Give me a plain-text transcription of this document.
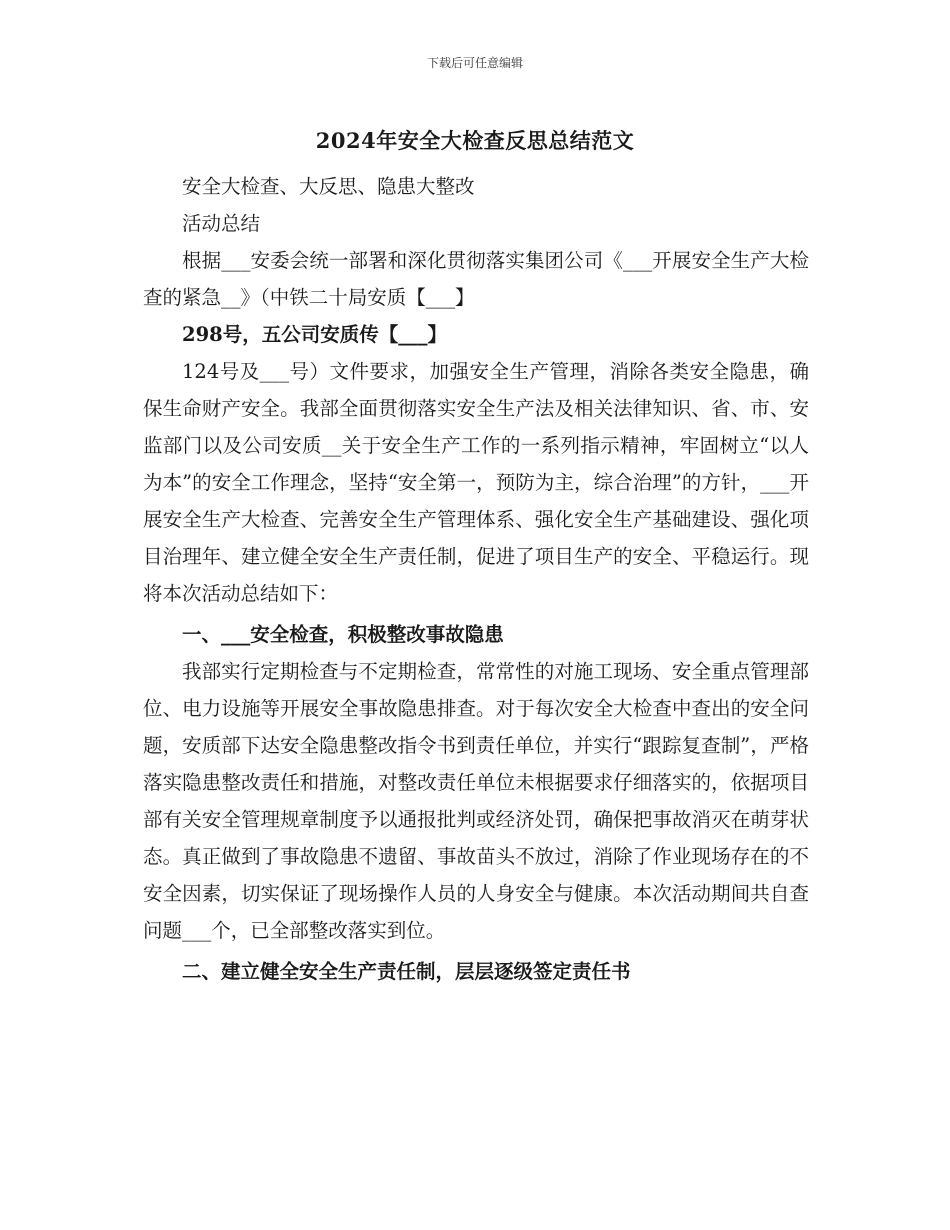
下载后可任意编辑
2024年安全大检查反思总结范文

安全大检查、大反思、隐患大整改

活动总结

根据___安委会统一部署和深化贯彻落实集团公司《___开展安全生产大检查的紧急__》（中铁二十局安质【___】

298号，五公司安质传【___】

124号及___号）文件要求，加强安全生产管理，消除各类安全隐患，确保生命财产安全。我部全面贯彻落实安全生产法及相关法律知识、省、市、安监部门以及公司安质__关于安全生产工作的一系列指示精神，牢固树立“以人为本”的安全工作理念，坚持“安全第一，预防为主，综合治理”的方针，___开展安全生产大检查、完善安全生产管理体系、强化安全生产基础建设、强化项目治理年、建立健全安全生产责任制，促进了项目生产的安全、平稳运行。现将本次活动总结如下：

一、___安全检查，积极整改事故隐患

我部实行定期检查与不定期检查，常常性的对施工现场、安全重点管理部位、电力设施等开展安全事故隐患排查。对于每次安全大检查中查出的安全问题，安质部下达安全隐患整改指令书到责任单位，并实行“跟踪复查制”，严格落实隐患整改责任和措施，对整改责任单位未根据要求仔细落实的，依据项目部有关安全管理规章制度予以通报批判或经济处罚，确保把事故消灭在萌芽状态。真正做到了事故隐患不遗留、事故苗头不放过，消除了作业现场存在的不安全因素，切实保证了现场操作人员的人身安全与健康。本次活动期间共自查问题___个，已全部整改落实到位。

二、建立健全安全生产责任制，层层逐级签定责任书
